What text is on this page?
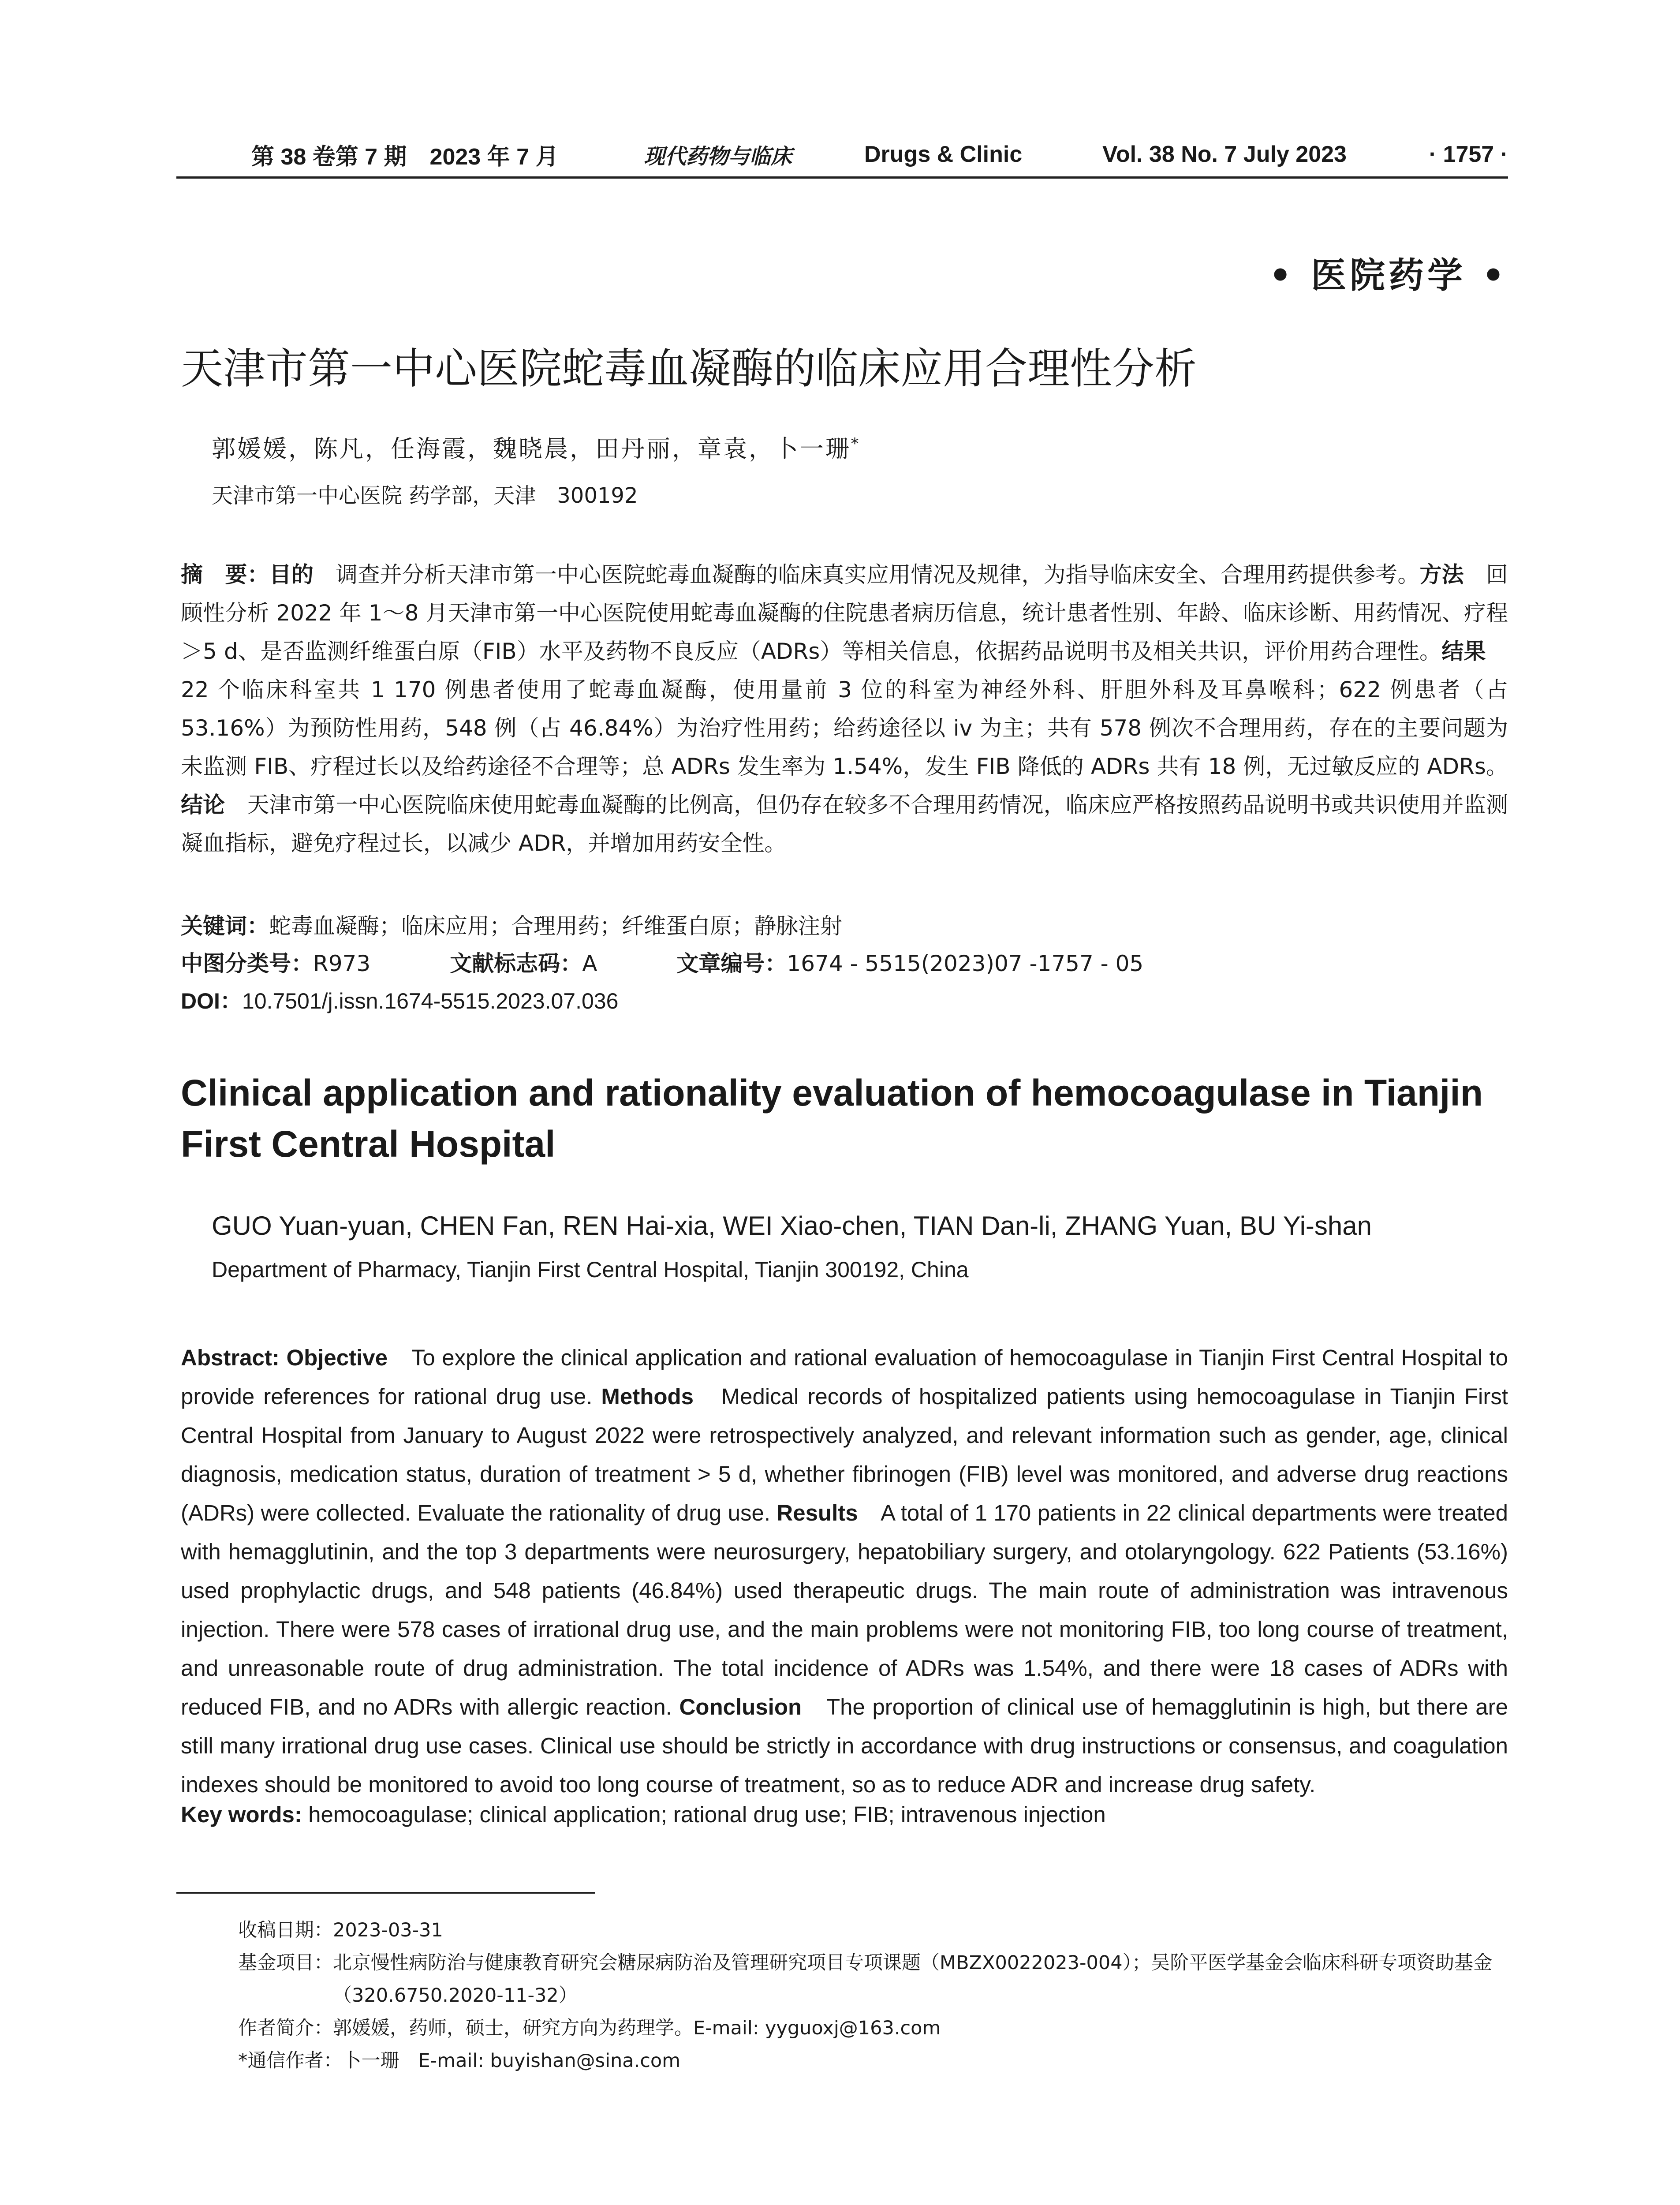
第 38 卷第 7 期　2023 年 7 月	现代药物与临床	Drugs & Clinic	Vol. 38 No. 7 July 2023	· 1757 ·
• 医院药学 •
天津市第一中心医院蛇毒血凝酶的临床应用合理性分析
郭媛媛，陈凡，任海霞，魏晓晨，田丹丽，章袁，卜一珊*
天津市第一中心医院 药学部，天津　300192

摘　要：目的　调查并分析天津市第一中心医院蛇毒血凝酶的临床真实应用情况及规律，为指导临床安全、合理用药提供参考。方法　回顾性分析 2022 年 1～8 月天津市第一中心医院使用蛇毒血凝酶的住院患者病历信息，统计患者性别、年龄、临床诊断、用药情况、疗程＞5 d、是否监测纤维蛋白原（FIB）水平及药物不良反应（ADRs）等相关信息，依据药品说明书及相关共识，评价用药合理性。结果　22 个临床科室共 1 170 例患者使用了蛇毒血凝酶，使用量前 3 位的科室为神经外科、肝胆外科及耳鼻喉科；622 例患者（占 53.16%）为预防性用药，548 例（占 46.84%）为治疗性用药；给药途径以 iv 为主；共有 578 例次不合理用药，存在的主要问题为未监测 FIB、疗程过长以及给药途径不合理等；总 ADRs 发生率为 1.54%，发生 FIB 降低的 ADRs 共有 18 例，无过敏反应的 ADRs。结论　天津市第一中心医院临床使用蛇毒血凝酶的比例高，但仍存在较多不合理用药情况，临床应严格按照药品说明书或共识使用并监测凝血指标，避免疗程过长，以减少 ADR，并增加用药安全性。

关键词：蛇毒血凝酶；临床应用；合理用药；纤维蛋白原；静脉注射
中图分类号：R973	文献标志码：A	文章编号：1674 - 5515(2023)07 -1757 - 05
DOI：10.7501/j.issn.1674-5515.2023.07.036
Clinical application and rationality evaluation of hemocoagulase in Tianjin First Central Hospital
GUO Yuan-yuan, CHEN Fan, REN Hai-xia, WEI Xiao-chen, TIAN Dan-li, ZHANG Yuan, BU Yi-shan
Department of Pharmacy, Tianjin First Central Hospital, Tianjin 300192, China

Abstract: Objective　To explore the clinical application and rational evaluation of hemocoagulase in Tianjin First Central Hospital to provide references for rational drug use. Methods　Medical records of hospitalized patients using hemocoagulase in Tianjin First Central Hospital from January to August 2022 were retrospectively analyzed, and relevant information such as gender, age, clinical diagnosis, medication status, duration of treatment > 5 d, whether fibrinogen (FIB) level was monitored, and adverse drug reactions (ADRs) were collected. Evaluate the rationality of drug use. Results　A total of 1 170 patients in 22 clinical departments were treated with hemagglutinin, and the top 3 departments were neurosurgery, hepatobiliary surgery, and otolaryngology. 622 Patients (53.16%) used prophylactic drugs, and 548 patients (46.84%) used therapeutic drugs. The main route of administration was intravenous injection. There were 578 cases of irrational drug use, and the main problems were not monitoring FIB, too long course of treatment, and unreasonable route of drug administration. The total incidence of ADRs was 1.54%, and there were 18 cases of ADRs with reduced FIB, and no ADRs with allergic reaction. Conclusion　The proportion of clinical use of hemagglutinin is high, but there are still many irrational drug use cases. Clinical use should be strictly in accordance with drug instructions or consensus, and coagulation indexes should be monitored to avoid too long course of treatment, so as to reduce ADR and increase drug safety.

Key words: hemocoagulase; clinical application; rational drug use; FIB; intravenous injection
收稿日期： 2023-03-31
基金项目： 北京慢性病防治与健康教育研究会糖尿病防治及管理研究项目专项课题（MBZX0022023-004）；吴阶平医学基金会临床科研专项资助基金（320.6750.2020-11-32）
作者简介： 郭媛媛，药师，硕士，研究方向为药理学。E-mail: yyguoxj@163.com
*通信作者： 卜一珊　E-mail: buyishan@sina.com
